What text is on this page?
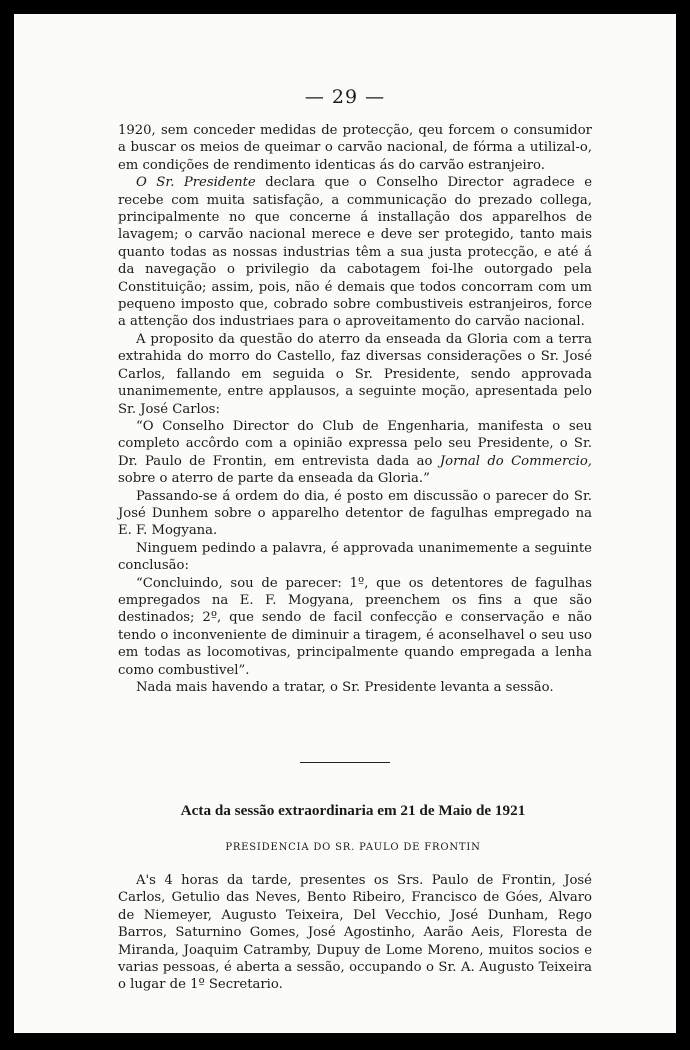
— 29 —

1920, sem conceder medidas de protecção, qeu forcem o consumidor a buscar os meios de queimar o carvão nacional, de fórma a utilizal-o, em condições de rendimento identicas ás do carvão estranjeiro.

O Sr. Presidente declara que o Conselho Director agradece e recebe com muita satisfação, a communicação do prezado collega, principalmente no que concerne á installação dos apparelhos de lavagem; o carvão nacional merece e deve ser protegido, tanto mais quanto todas as nossas industrias têm a sua justa protecção, e até á da navegação o privilegio da cabotagem foi-lhe outorgado pela Constituição; assim, pois, não é demais que todos concorram com um pequeno imposto que, cobrado sobre combustiveis estranjeiros, force a attenção dos industriaes para o aproveitamento do carvão nacional.

A proposito da questão do aterro da enseada da Gloria com a terra extrahida do morro do Castello, faz diversas considerações o Sr. José Carlos, fallando em seguida o Sr. Presidente, sendo approvada unanimemente, entre applausos, a seguinte moção, apresentada pelo Sr. José Carlos:

“O Conselho Director do Club de Engenharia, manifesta o seu completo accôrdo com a opinião expressa pelo seu Presidente, o Sr. Dr. Paulo de Frontin, em entrevista dada ao Jornal do Commercio, sobre o aterro de parte da enseada da Gloria.”

Passando-se á ordem do dia, é posto em discussão o parecer do Sr. José Dunhem sobre o apparelho detentor de fagulhas empregado na E. F. Mogyana.

Ninguem pedindo a palavra, é approvada unanimemente a seguinte conclusão:

“Concluindo, sou de parecer: 1º, que os detentores de fagulhas empregados na E. F. Mogyana, preenchem os fins a que são destinados; 2º, que sendo de facil confecção e conservação e não tendo o inconveniente de diminuir a tiragem, é aconselhavel o seu uso em todas as locomotivas, principalmente quando empregada a lenha como combustivel”.

Nada mais havendo a tratar, o Sr. Presidente levanta a sessão.

Acta da sessão extraordinaria em 21 de Maio de 1921
PRESIDENCIA DO SR. PAULO DE FRONTIN

A's 4 horas da tarde, presentes os Srs. Paulo de Frontin, José Carlos, Getulio das Neves, Bento Ribeiro, Francisco de Góes, Alvaro de Niemeyer, Augusto Teixeira, Del Vecchio, José Dunham, Rego Barros, Saturnino Gomes, José Agostinho, Aarão Aeis, Floresta de Miranda, Joaquim Catramby, Dupuy de Lome Moreno, muitos socios e varias pessoas, é aberta a sessão, occupando o Sr. A. Augusto Teixeira o lugar de 1º Secretario.
